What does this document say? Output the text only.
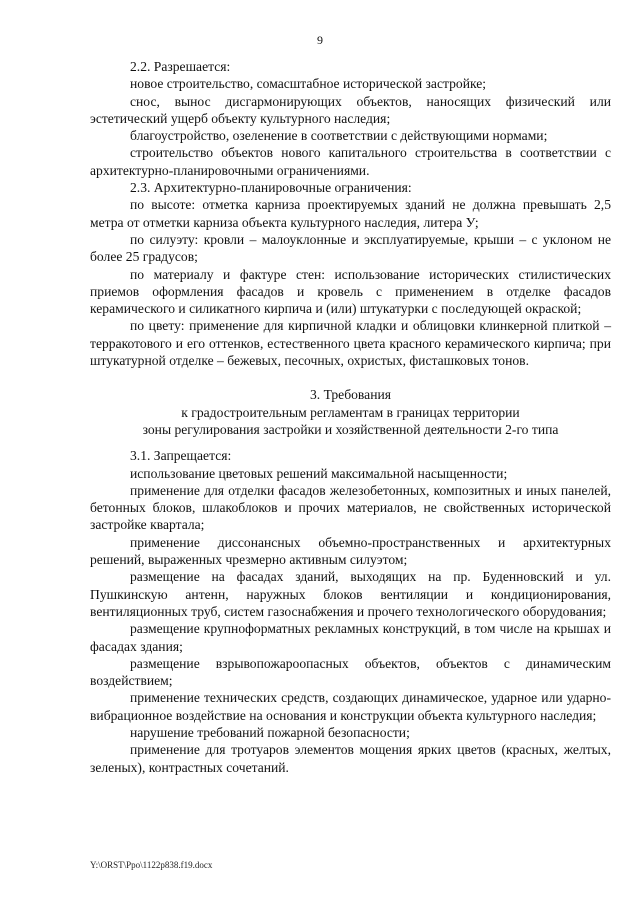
9

2.2. Разрешается:

новое строительство, сомасштабное исторической застройке;

снос, вынос дисгармонирующих объектов, наносящих физический или эстетический ущерб объекту культурного наследия;

благоустройство, озеленение в соответствии с действующими нормами;

строительство объектов нового капитального строительства в соответствии с архитектурно-планировочными ограничениями.

2.3. Архитектурно-планировочные ограничения:

по высоте: отметка карниза проектируемых зданий не должна превышать 2,5 метра от отметки карниза объекта культурного наследия, литера У;

по силуэту: кровли – малоуклонные и эксплуатируемые, крыши – с уклоном не более 25 градусов;

по материалу и фактуре стен: использование исторических стилистических приемов оформления фасадов и кровель с применением в отделке фасадов керамического и силикатного кирпича и (или) штукатурки с последующей окраской;

по цвету: применение для кирпичной кладки и облицовки клинкерной плиткой – терракотового и его оттенков, естественного цвета красного керамического кирпича; при штукатурной отделке – бежевых, песочных, охристых, фисташковых тонов.

3. Требования

к градостроительным регламентам в границах территории

зоны регулирования застройки и хозяйственной деятельности 2-го типа

3.1. Запрещается:

использование цветовых решений максимальной насыщенности;

применение для отделки фасадов железобетонных, композитных и иных панелей, бетонных блоков, шлакоблоков и прочих материалов, не свойственных исторической застройке квартала;

применение диссонансных объемно-пространственных и архитектурных решений, выраженных чрезмерно активным силуэтом;

размещение на фасадах зданий, выходящих на пр. Буденновский и ул. Пушкинскую антенн, наружных блоков вентиляции и кондиционирования, вентиляционных труб, систем газоснабжения и прочего технологического оборудования;

размещение крупноформатных рекламных конструкций, в том числе на крышах и фасадах здания;

размещение взрывопожароопасных объектов, объектов с динамическим воздействием;

применение технических средств, создающих динамическое, ударное или ударно-вибрационное воздействие на основания и конструкции объекта культурного наследия;

нарушение требований пожарной безопасности;

применение для тротуаров элементов мощения ярких цветов (красных, желтых, зеленых), контрастных сочетаний.

Y:\ORST\Ppo\1122p838.f19.docx
